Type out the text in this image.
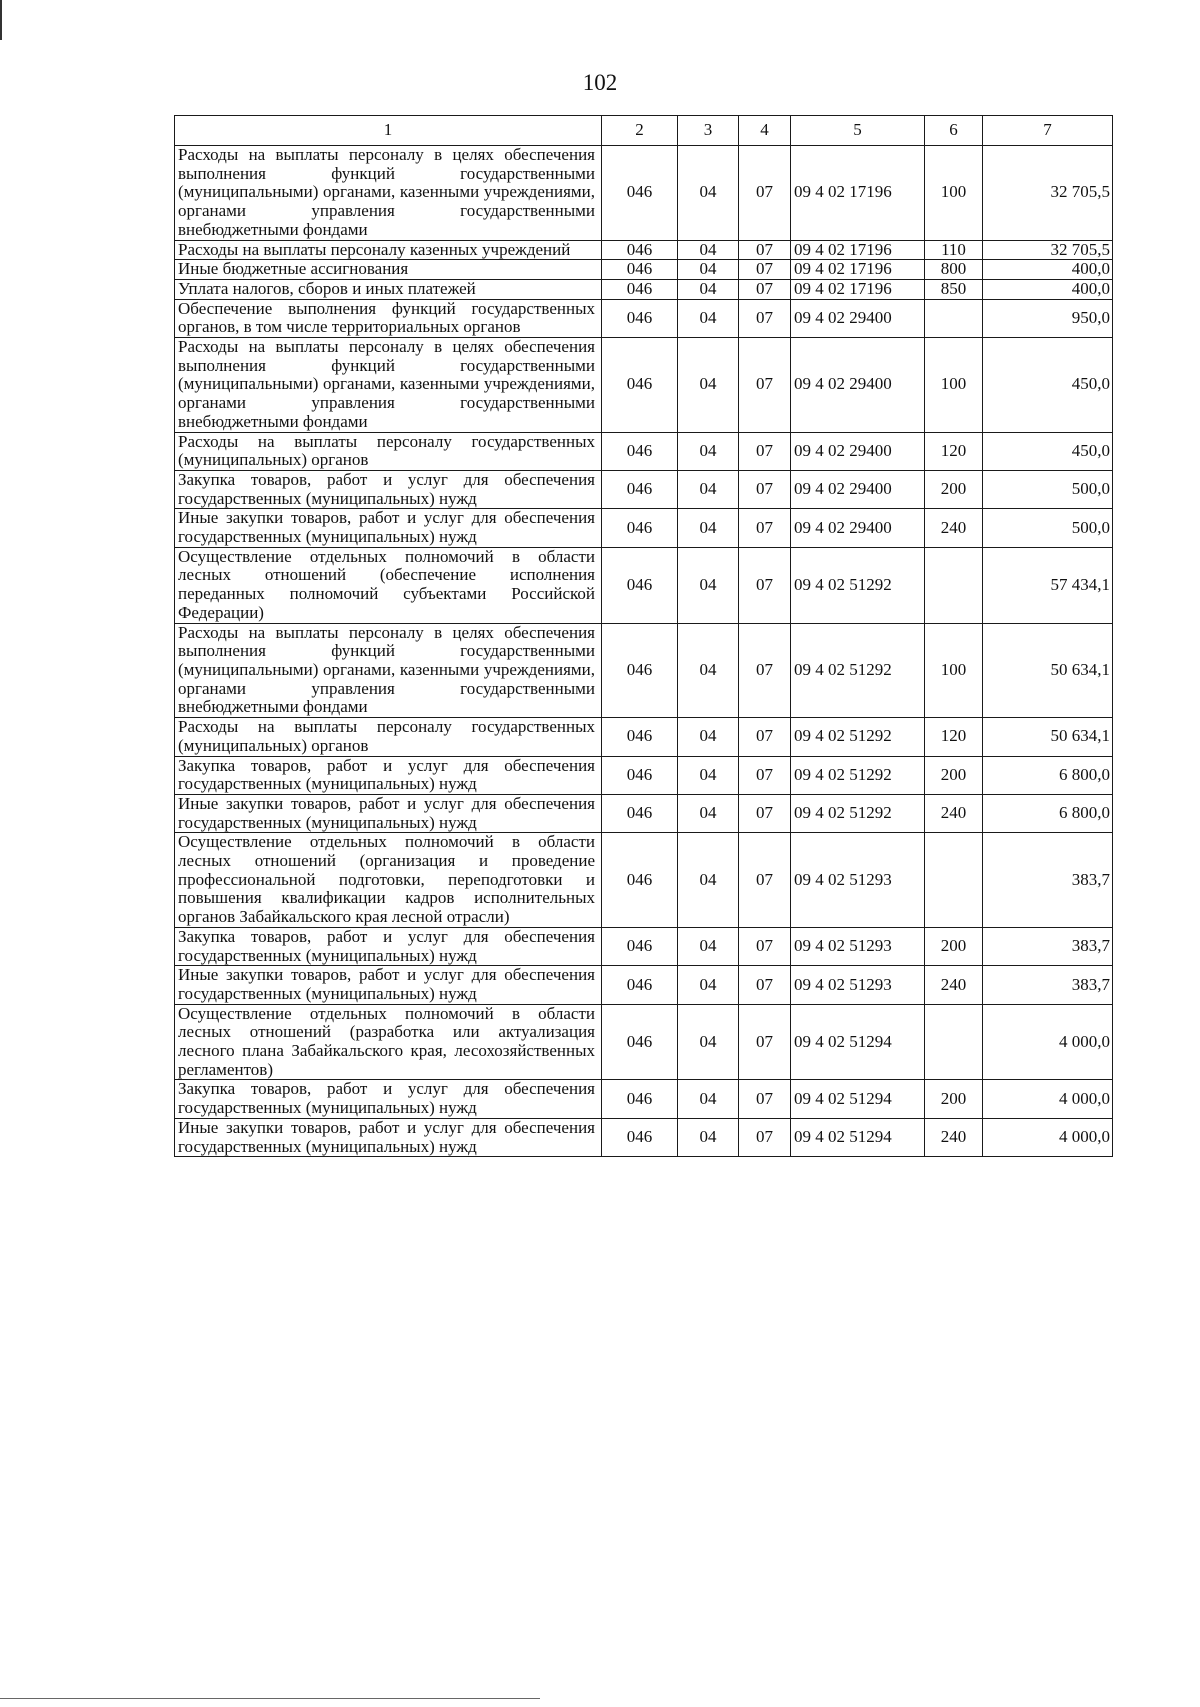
102
1	2	3	4	5	6	7
Расходы на выплаты персоналу в целях обеспечения выполнения функций государственными (муниципальными) органами, казенными учреждениями, органами управления государственными внебюджетными фондами	046	04	07	09 4 02 17196	100	32 705,5
Расходы на выплаты персоналу казенных учреждений	046	04	07	09 4 02 17196	110	32 705,5
Иные бюджетные ассигнования	046	04	07	09 4 02 17196	800	400,0
Уплата налогов, сборов и иных платежей	046	04	07	09 4 02 17196	850	400,0
Обеспечение выполнения функций государственных органов, в том числе территориальных органов	046	04	07	09 4 02 29400		950,0
Расходы на выплаты персоналу в целях обеспечения выполнения функций государственными (муниципальными) органами, казенными учреждениями, органами управления государственными внебюджетными фондами	046	04	07	09 4 02 29400	100	450,0
Расходы на выплаты персоналу государственных (муниципальных) органов	046	04	07	09 4 02 29400	120	450,0
Закупка товаров, работ и услуг для обеспечения государственных (муниципальных) нужд	046	04	07	09 4 02 29400	200	500,0
Иные закупки товаров, работ и услуг для обеспечения государственных (муниципальных) нужд	046	04	07	09 4 02 29400	240	500,0
Осуществление отдельных полномочий в области лесных отношений (обеспечение исполнения переданных полномочий субъектами Российской Федерации)	046	04	07	09 4 02 51292		57 434,1
Расходы на выплаты персоналу в целях обеспечения выполнения функций государственными (муниципальными) органами, казенными учреждениями, органами управления государственными внебюджетными фондами	046	04	07	09 4 02 51292	100	50 634,1
Расходы на выплаты персоналу государственных (муниципальных) органов	046	04	07	09 4 02 51292	120	50 634,1
Закупка товаров, работ и услуг для обеспечения государственных (муниципальных) нужд	046	04	07	09 4 02 51292	200	6 800,0
Иные закупки товаров, работ и услуг для обеспечения государственных (муниципальных) нужд	046	04	07	09 4 02 51292	240	6 800,0
Осуществление отдельных полномочий в области лесных отношений (организация и проведение профессиональной подготовки, переподготовки и повышения квалификации кадров исполнительных органов Забайкальского края лесной отрасли)	046	04	07	09 4 02 51293		383,7
Закупка товаров, работ и услуг для обеспечения государственных (муниципальных) нужд	046	04	07	09 4 02 51293	200	383,7
Иные закупки товаров, работ и услуг для обеспечения государственных (муниципальных) нужд	046	04	07	09 4 02 51293	240	383,7
Осуществление отдельных полномочий в области лесных отношений (разработка или актуализация лесного плана Забайкальского края, лесохозяйственных регламентов)	046	04	07	09 4 02 51294		4 000,0
Закупка товаров, работ и услуг для обеспечения государственных (муниципальных) нужд	046	04	07	09 4 02 51294	200	4 000,0
Иные закупки товаров, работ и услуг для обеспечения государственных (муниципальных) нужд	046	04	07	09 4 02 51294	240	4 000,0
